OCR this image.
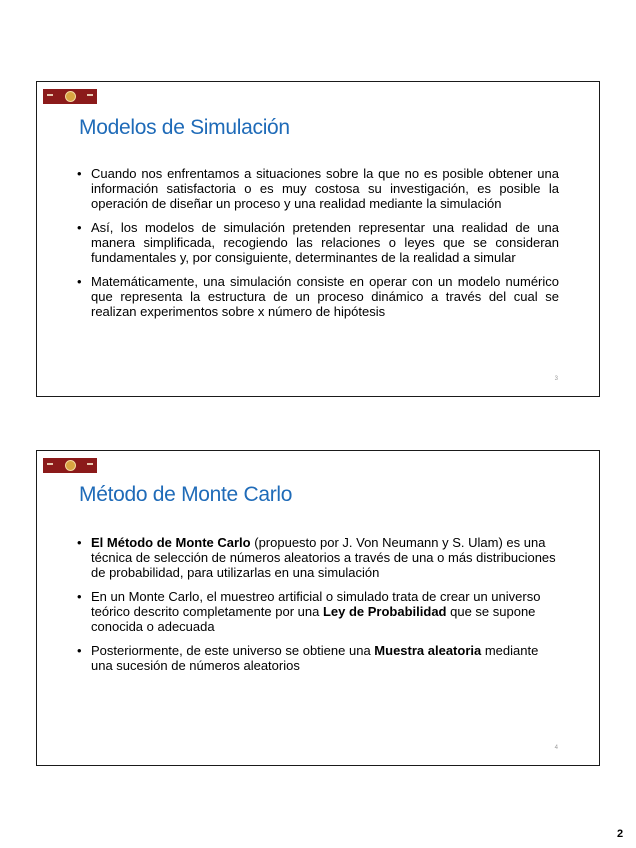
Modelos de Simulación
• Cuando nos enfrentamos a situaciones sobre la que no es posible obtener una información satisfactoria o es muy costosa su investigación, es posible la operación de diseñar un proceso y una realidad mediante la simulación
• Así, los modelos de simulación pretenden representar una realidad de una manera simplificada, recogiendo las relaciones o leyes que se consideran fundamentales y, por consiguiente, determinantes de la realidad a simular
• Matemáticamente, una simulación consiste en operar con un modelo numérico que representa la estructura de un proceso dinámico a través del cual se realizan experimentos sobre x número de hipótesis
3
Método de Monte Carlo
• El Método de Monte Carlo (propuesto por J. Von Neumann y S. Ulam) es una técnica de selección de números aleatorios a través de una o más distribuciones de probabilidad, para utilizarlas en una simulación
• En un Monte Carlo, el muestreo artificial o simulado trata de crear un universo teórico descrito completamente por una Ley de Probabilidad que se supone conocida o adecuada
• Posteriormente, de este universo se obtiene una Muestra aleatoria mediante una sucesión de números aleatorios
4
2
